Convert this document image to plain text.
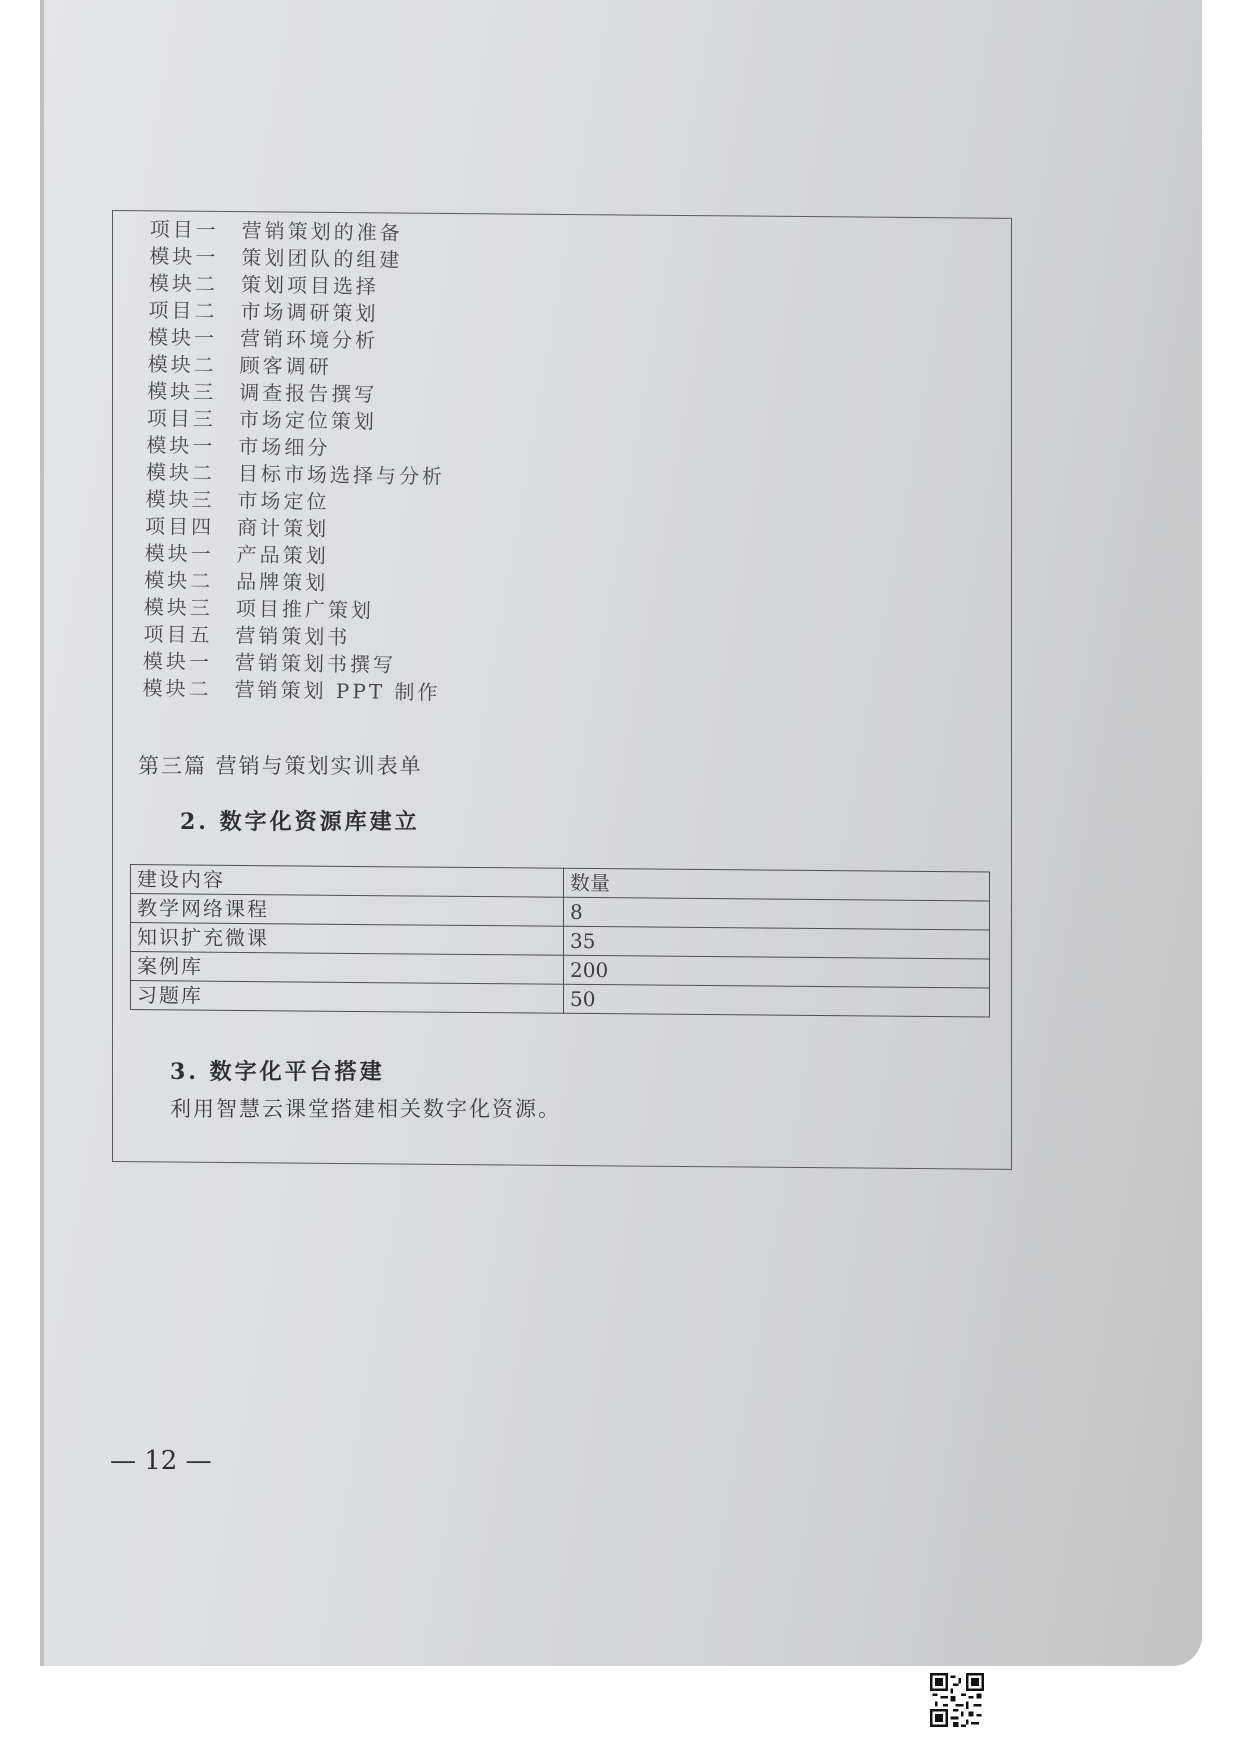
项目一 营销策划的准备
模块一 策划团队的组建
模块二 策划项目选择
项目二 市场调研策划
模块一 营销环境分析
模块二 顾客调研
模块三 调查报告撰写
项目三 市场定位策划
模块一 市场细分
模块二 目标市场选择与分析
模块三 市场定位
项目四 商计策划
模块一 产品策划
模块二 品牌策划
模块三 项目推广策划
项目五 营销策划书
模块一 营销策划书撰写
模块二 营销策划 PPT 制作
第三篇 营销与策划实训表单
2. 数字化资源库建立
建设内容	数量
教学网络课程	8
知识扩充微课	35
案例库	200
习题库	50
3. 数字化平台搭建
利用智慧云课堂搭建相关数字化资源。
— 12 —
